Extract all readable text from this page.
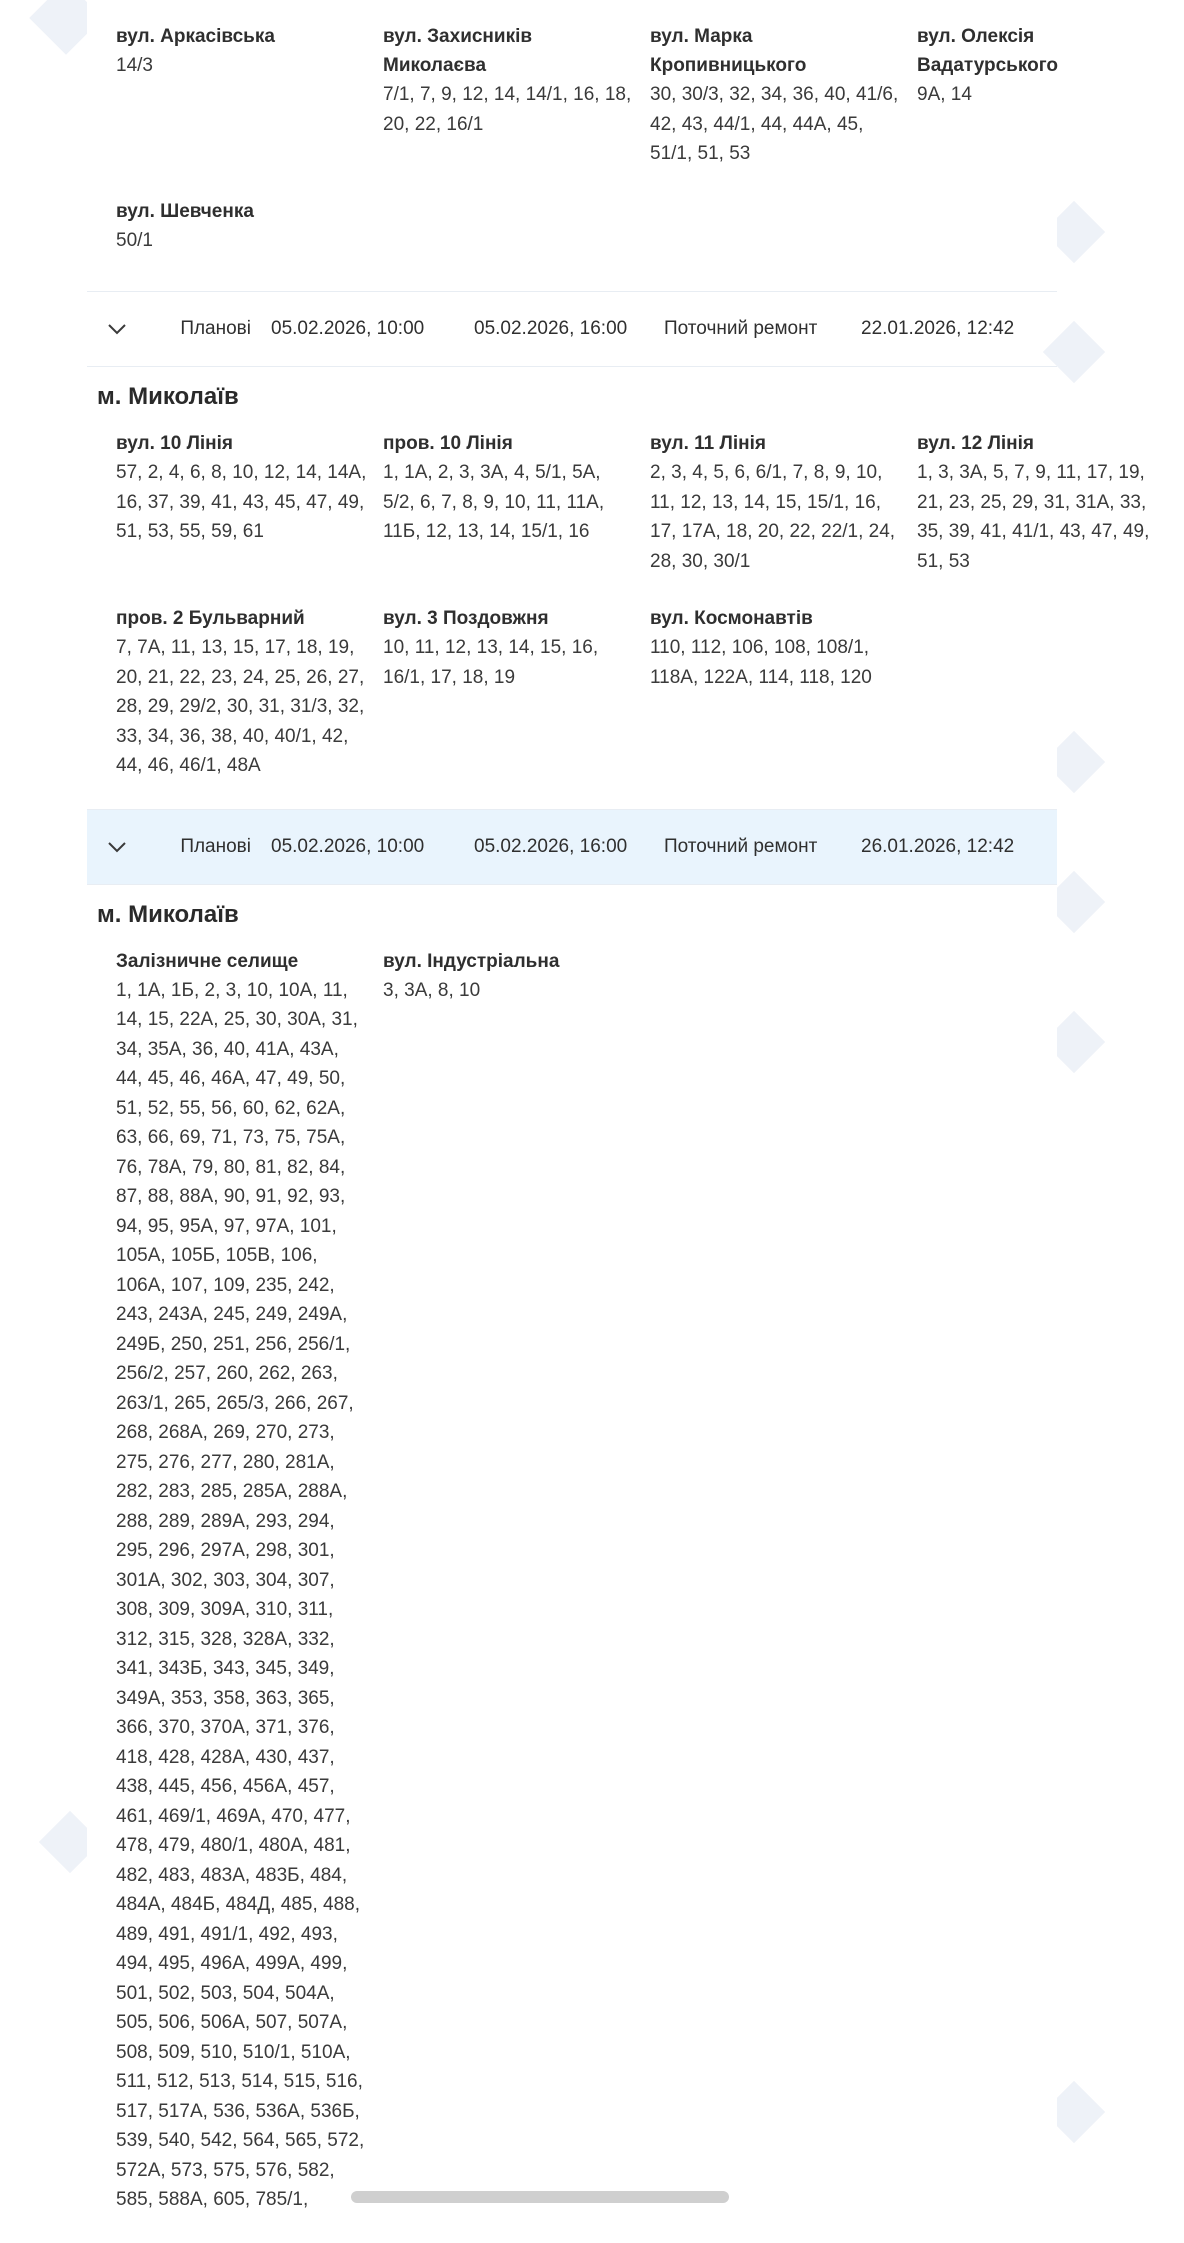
вул. Аркасівська
14/3
вул. Захисників Миколаєва
7/1, 7, 9, 12, 14, 14/1, 16, 18, 20, 22, 16/1
вул. Марка Кропивницького
30, 30/3, 32, 34, 36, 40, 41/6, 42, 43, 44/1, 44, 44А, 45, 51/1, 51, 53
вул. Олексія Вадатурського
9А, 14
вул. Шевченка
50/1
Планові 05.02.2026, 10:00	05.02.2026, 16:00	Поточний ремонт	22.01.2026, 12:42
м. Миколаїв
вул. 10 Лінія
57, 2, 4, 6, 8, 10, 12, 14, 14А, 16, 37, 39, 41, 43, 45, 47, 49, 51, 53, 55, 59, 61
пров. 10 Лінія
1, 1А, 2, 3, 3А, 4, 5/1, 5А, 5/2, 6, 7, 8, 9, 10, 11, 11А, 11Б, 12, 13, 14, 15/1, 16
вул. 11 Лінія
2, 3, 4, 5, 6, 6/1, 7, 8, 9, 10, 11, 12, 13, 14, 15, 15/1, 16, 17, 17А, 18, 20, 22, 22/1, 24, 28, 30, 30/1
вул. 12 Лінія
1, 3, 3А, 5, 7, 9, 11, 17, 19, 21, 23, 25, 29, 31, 31А, 33, 35, 39, 41, 41/1, 43, 47, 49, 51, 53
пров. 2 Бульварний
7, 7А, 11, 13, 15, 17, 18, 19, 20, 21, 22, 23, 24, 25, 26, 27, 28, 29, 29/2, 30, 31, 31/3, 32, 33, 34, 36, 38, 40, 40/1, 42, 44, 46, 46/1, 48А
вул. 3 Поздовжня
10, 11, 12, 13, 14, 15, 16, 16/1, 17, 18, 19
вул. Космонавтів
110, 112, 106, 108, 108/1, 118А, 122А, 114, 118, 120
Планові 05.02.2026, 10:00	05.02.2026, 16:00	Поточний ремонт	26.01.2026, 12:42
м. Миколаїв
Залізничне селище
1, 1А, 1Б, 2, 3, 10, 10А, 11, 14, 15, 22А, 25, 30, 30А, 31, 34, 35А, 36, 40, 41А, 43А, 44, 45, 46, 46А, 47, 49, 50, 51, 52, 55, 56, 60, 62, 62А, 63, 66, 69, 71, 73, 75, 75А, 76, 78А, 79, 80, 81, 82, 84, 87, 88, 88А, 90, 91, 92, 93, 94, 95, 95А, 97, 97А, 101, 105А, 105Б, 105В, 106, 106А, 107, 109, 235, 242, 243, 243А, 245, 249, 249А, 249Б, 250, 251, 256, 256/1, 256/2, 257, 260, 262, 263, 263/1, 265, 265/3, 266, 267, 268, 268А, 269, 270, 273, 275, 276, 277, 280, 281А, 282, 283, 285, 285А, 288А, 288, 289, 289А, 293, 294, 295, 296, 297А, 298, 301, 301А, 302, 303, 304, 307, 308, 309, 309А, 310, 311, 312, 315, 328, 328А, 332, 341, 343Б, 343, 345, 349, 349А, 353, 358, 363, 365, 366, 370, 370А, 371, 376, 418, 428, 428А, 430, 437, 438, 445, 456, 456А, 457, 461, 469/1, 469А, 470, 477, 478, 479, 480/1, 480А, 481, 482, 483, 483А, 483Б, 484, 484А, 484Б, 484Д, 485, 488, 489, 491, 491/1, 492, 493, 494, 495, 496А, 499А, 499, 501, 502, 503, 504, 504А, 505, 506, 506А, 507, 507А, 508, 509, 510, 510/1, 510А, 511, 512, 513, 514, 515, 516, 517, 517А, 536, 536А, 536Б, 539, 540, 542, 564, 565, 572, 572А, 573, 575, 576, 582, 585, 588А, 605, 785/1,
вул. Індустріальна
3, 3А, 8, 10
